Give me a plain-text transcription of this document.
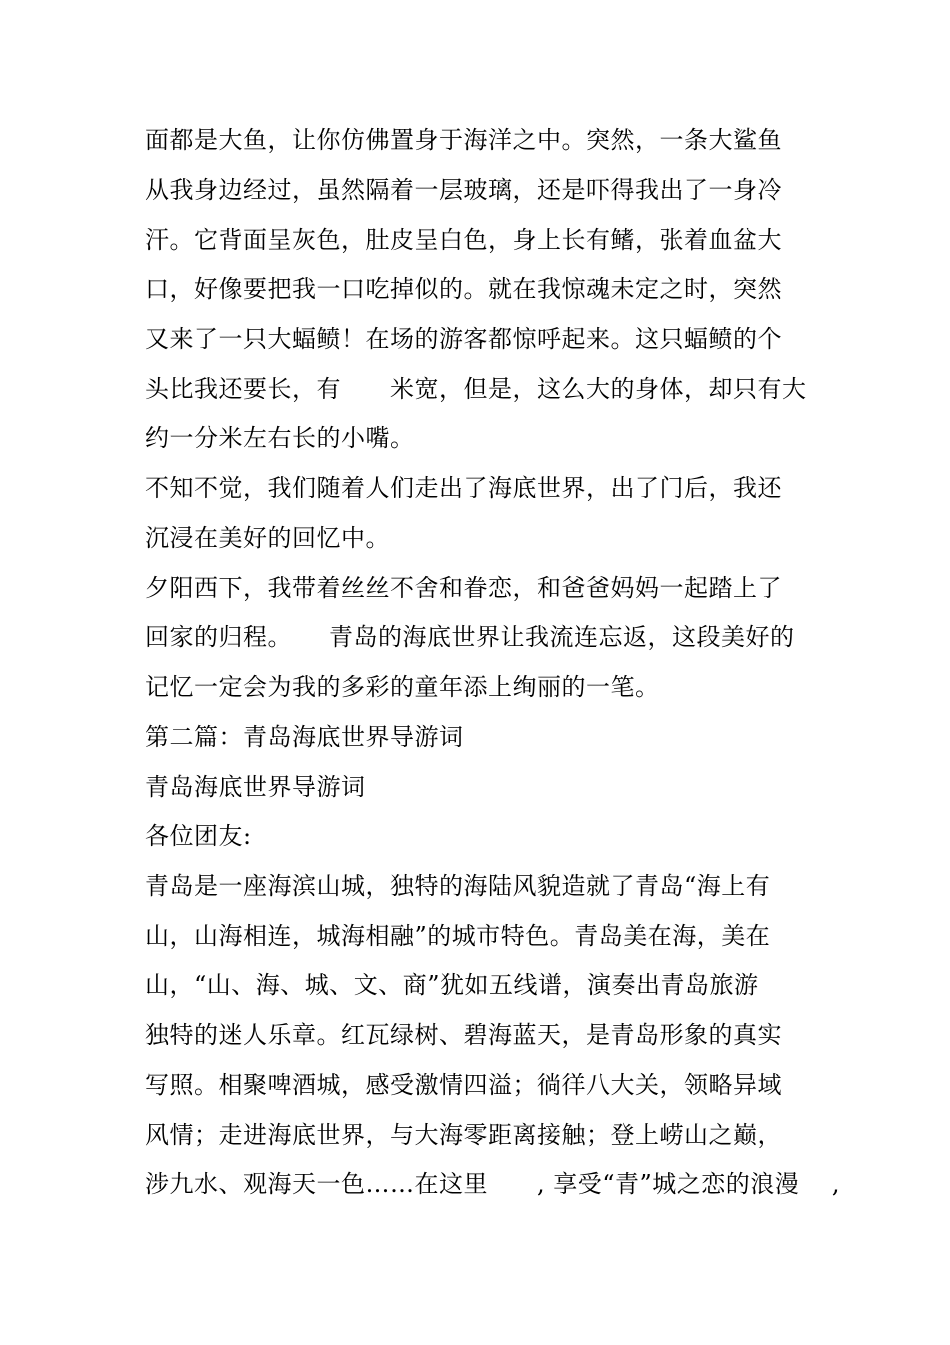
面都是大鱼，让你仿佛置身于海洋之中。突然，一条大鲨鱼
从我身边经过，虽然隔着一层玻璃，还是吓得我出了一身冷
汗。它背面呈灰色，肚皮呈白色，身上长有鳍，张着血盆大
口，好像要把我一口吃掉似的。就在我惊魂未定之时，突然
又来了一只大蝠鲼！在场的游客都惊呼起来。这只蝠鲼的个
头比我还要长，有　　米宽，但是，这么大的身体，却只有大
约一分米左右长的小嘴。
不知不觉，我们随着人们走出了海底世界，出了门后，我还
沉浸在美好的回忆中。
夕阳西下，我带着丝丝不舍和眷恋，和爸爸妈妈一起踏上了
回家的归程。　　青岛的海底世界让我流连忘返，这段美好的
记忆一定会为我的多彩的童年添上绚丽的一笔。
第二篇：青岛海底世界导游词
青岛海底世界导游词
各位团友:
青岛是一座海滨山城，独特的海陆风貌造就了青岛“海上有
山，山海相连，城海相融”的城市特色。青岛美在海，美在
山，“山、海、城、文、商”犹如五线谱，演奏出青岛旅游
独特的迷人乐章。红瓦绿树、碧海蓝天，是青岛形象的真实
写照。相聚啤酒城，感受激情四溢；徜徉八大关，领略异域
风情；走进海底世界，与大海零距离接触；登上崂山之巅，
涉九水、观海天一色……在这里　　, 享受“青”城之恋的浪漫　 ,
